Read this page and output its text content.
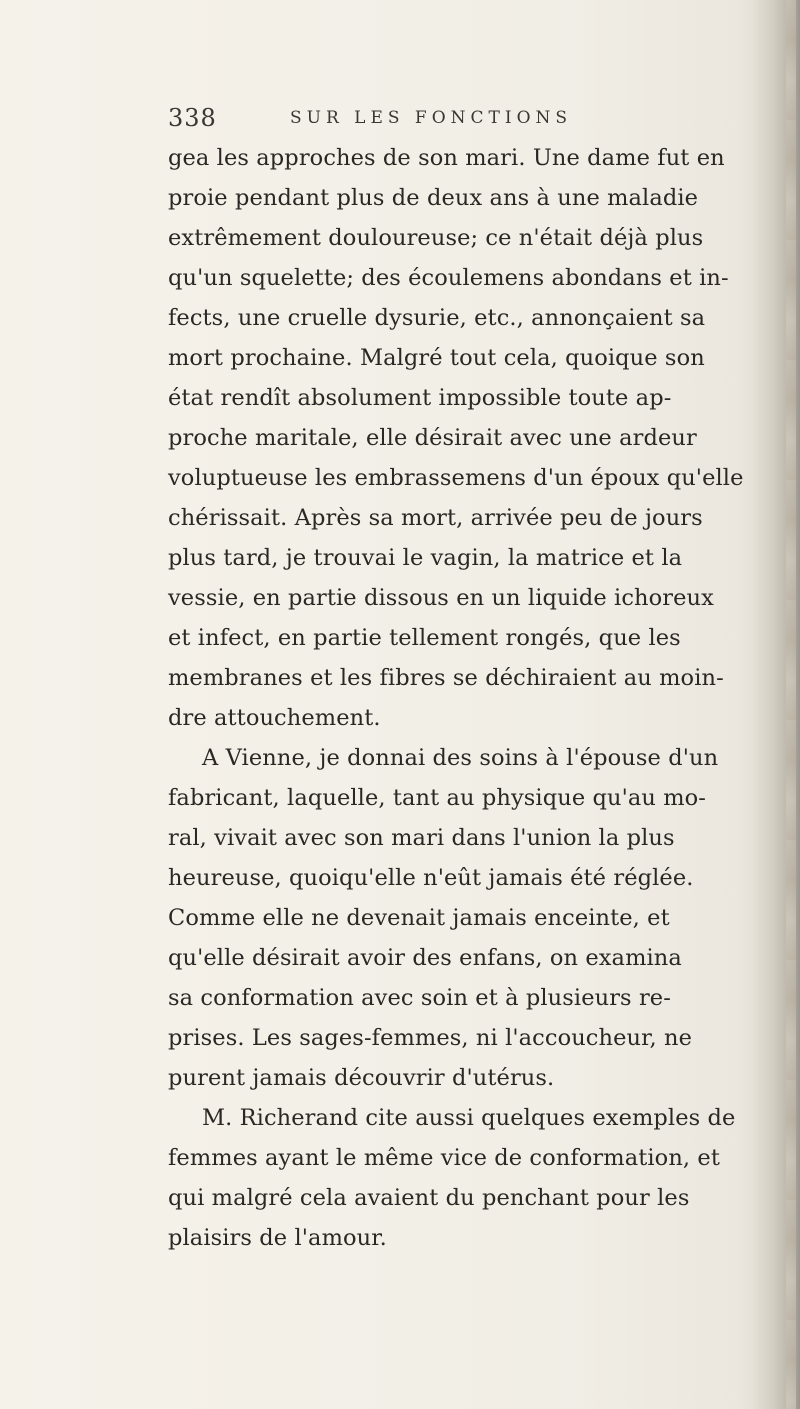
338	SUR LES FONCTIONS
gea les approches de son mari. Une dame fut en
proie pendant plus de deux ans à une maladie
extrêmement douloureuse; ce n'était déjà plus
qu'un squelette; des écoulemens abondans et in-
fects, une cruelle dysurie, etc., annonçaient sa
mort prochaine. Malgré tout cela, quoique son
état rendît absolument impossible toute ap-
proche maritale, elle désirait avec une ardeur
voluptueuse les embrassemens d'un époux qu'elle
chérissait. Après sa mort, arrivée peu de jours
plus tard, je trouvai le vagin, la matrice et la
vessie, en partie dissous en un liquide ichoreux
et infect, en partie tellement rongés, que les
membranes et les fibres se déchiraient au moin-
dre attouchement.
A Vienne, je donnai des soins à l'épouse d'un
fabricant, laquelle, tant au physique qu'au mo-
ral, vivait avec son mari dans l'union la plus
heureuse, quoiqu'elle n'eût jamais été réglée.
Comme elle ne devenait jamais enceinte, et
qu'elle désirait avoir des enfans, on examina
sa conformation avec soin et à plusieurs re-
prises. Les sages-femmes, ni l'accoucheur, ne
purent jamais découvrir d'utérus.
M. Richerand cite aussi quelques exemples de
femmes ayant le même vice de conformation, et
qui malgré cela avaient du penchant pour les
plaisirs de l'amour.
